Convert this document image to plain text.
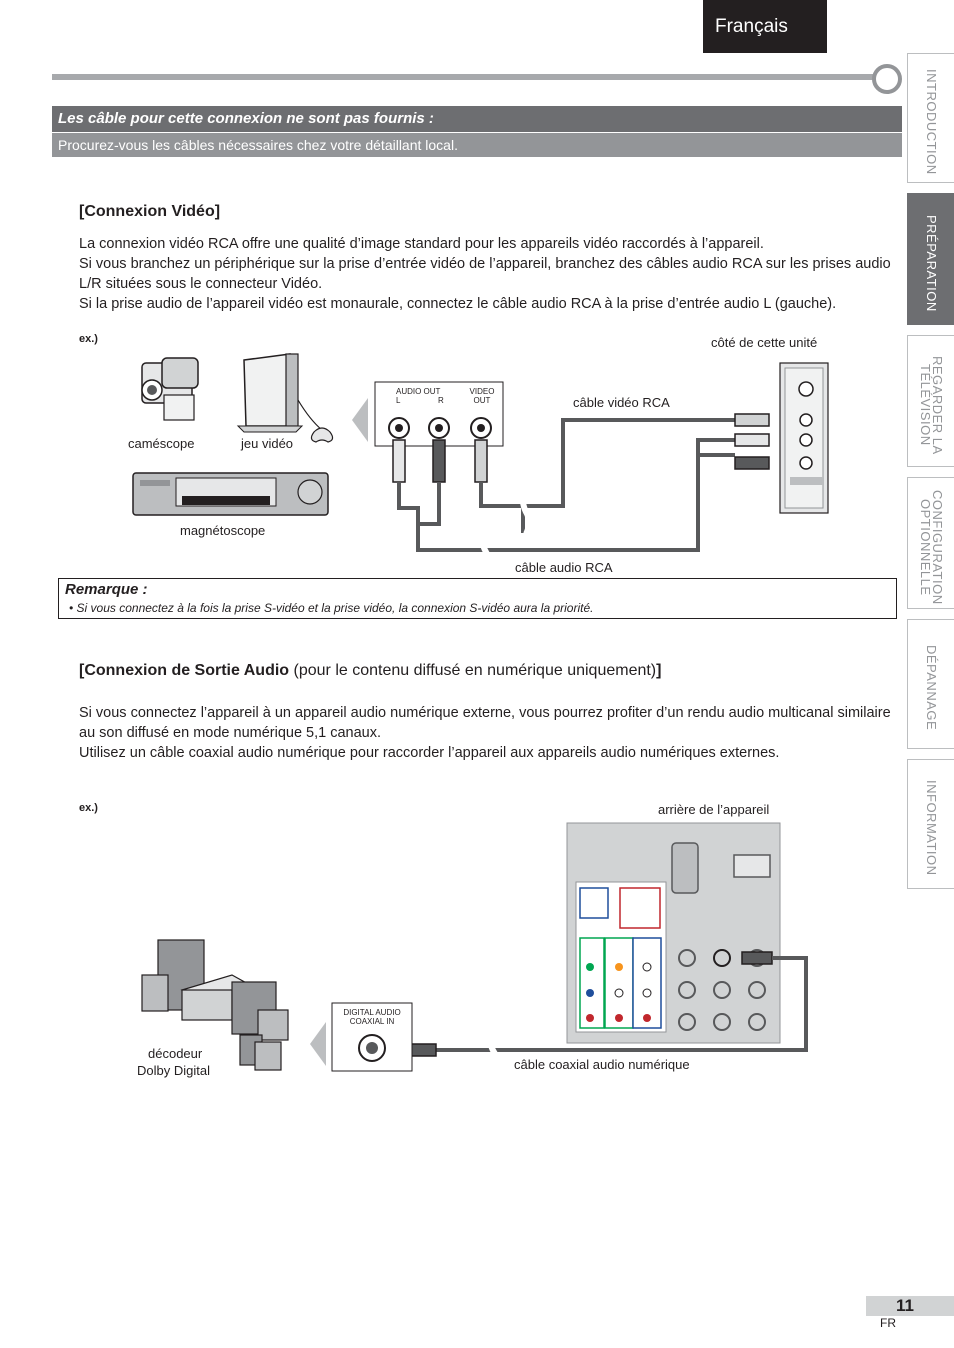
Français
INTRODUCTION
PRÉPARATION
REGARDER LA
TÉLÉVISION
CONFIGURATION
OPTIONNELLE
DÉPANNAGE
INFORMATION
Les câble pour cette connexion ne sont pas fournis :
Procurez-vous les câbles nécessaires chez votre détaillant local.
[Connexion Vidéo]

La connexion vidéo RCA offre une qualité d’image standard pour les appareils vidéo raccordés à l’appareil.

Si vous branchez un périphérique sur la prise d’entrée vidéo de l’appareil, branchez des câbles audio RCA sur les prises audio L/R situées sous le connecteur Vidéo.

Si la prise audio de l’appareil vidéo est monaurale, connectez le câble audio RCA à la prise d’entrée audio L (gauche).

ex.)
caméscope	jeu vidéo
magnétoscope
côté de cette unité
câble vidéo RCA
câble audio RCA
AUDIO OUT
L	R
VIDEO
OUT
Remarque :
• Si vous connectez à la fois la prise S-vidéo et la prise vidéo, la connexion S-vidéo aura la priorité.
[Connexion de Sortie Audio (pour le contenu diffusé en numérique uniquement)]

Si vous connectez l’appareil à un appareil audio numérique externe, vous pourrez profiter d’un rendu audio multicanal similaire au son diffusé en mode numérique 5,1 canaux.

Utilisez un câble coaxial audio numérique pour raccorder l’appareil aux appareils audio numériques externes.

ex.)	arrière de l’appareil
décodeur
Dolby Digital	câble coaxial audio numérique
DIGITAL AUDIO
COAXIAL IN
11
FR
